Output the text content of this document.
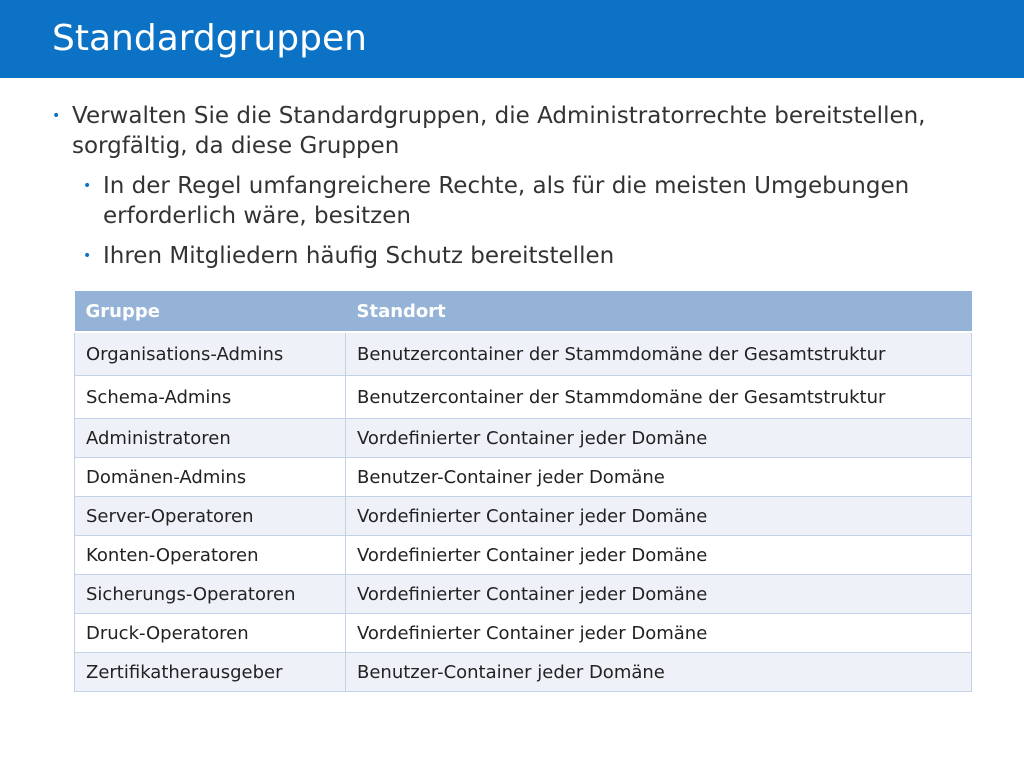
Standardgruppen
• Verwalten Sie die Standardgruppen, die Administratorrechte bereitstellen, sorgfältig, da diese Gruppen
• In der Regel umfangreichere Rechte, als für die meisten Umgebungen erforderlich wäre, besitzen
• Ihren Mitgliedern häufig Schutz bereitstellen
Gruppe	Standort
Organisations-Admins	Benutzercontainer der Stammdomäne der Gesamtstruktur
Schema-Admins	Benutzercontainer der Stammdomäne der Gesamtstruktur
Administratoren	Vordefinierter Container jeder Domäne
Domänen-Admins	Benutzer-Container jeder Domäne
Server-Operatoren	Vordefinierter Container jeder Domäne
Konten-Operatoren	Vordefinierter Container jeder Domäne
Sicherungs-Operatoren	Vordefinierter Container jeder Domäne
Druck-Operatoren	Vordefinierter Container jeder Domäne
Zertifikatherausgeber	Benutzer-Container jeder Domäne
